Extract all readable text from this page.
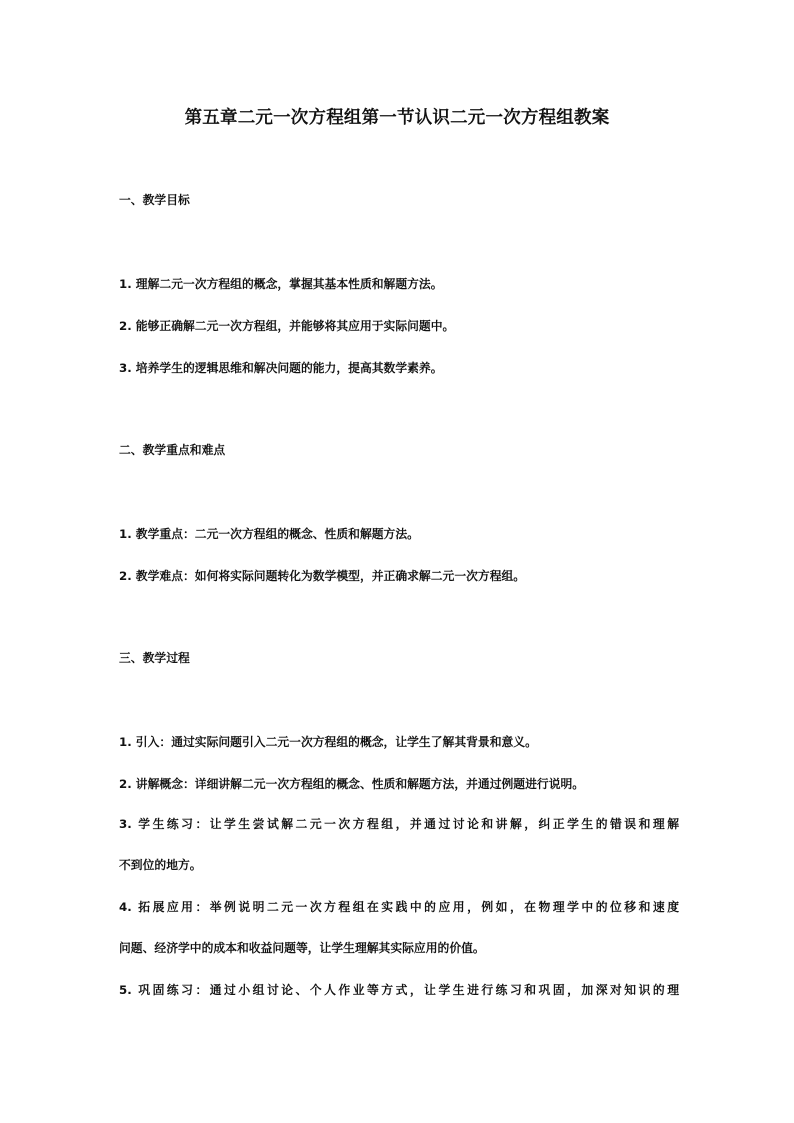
第五章二元一次方程组第一节认识二元一次方程组教案
一、教学目标
1. 理解二元一次方程组的概念，掌握其基本性质和解题方法。
2. 能够正确解二元一次方程组，并能够将其应用于实际问题中。
3. 培养学生的逻辑思维和解决问题的能力，提高其数学素养。
二、教学重点和难点
1. 教学重点：二元一次方程组的概念、性质和解题方法。
2. 教学难点：如何将实际问题转化为数学模型，并正确求解二元一次方程组。
三、教学过程
1. 引入：通过实际问题引入二元一次方程组的概念，让学生了解其背景和意义。
2. 讲解概念：详细讲解二元一次方程组的概念、性质和解题方法，并通过例题进行说明。
3. 学生练习：让学生尝试解二元一次方程组，并通过讨论和讲解，纠正学生的错误和理解
不到位的地方。
4. 拓展应用：举例说明二元一次方程组在实践中的应用，例如，在物理学中的位移和速度
问题、经济学中的成本和收益问题等，让学生理解其实际应用的价值。
5. 巩固练习：通过小组讨论、个人作业等方式，让学生进行练习和巩固，加深对知识的理
